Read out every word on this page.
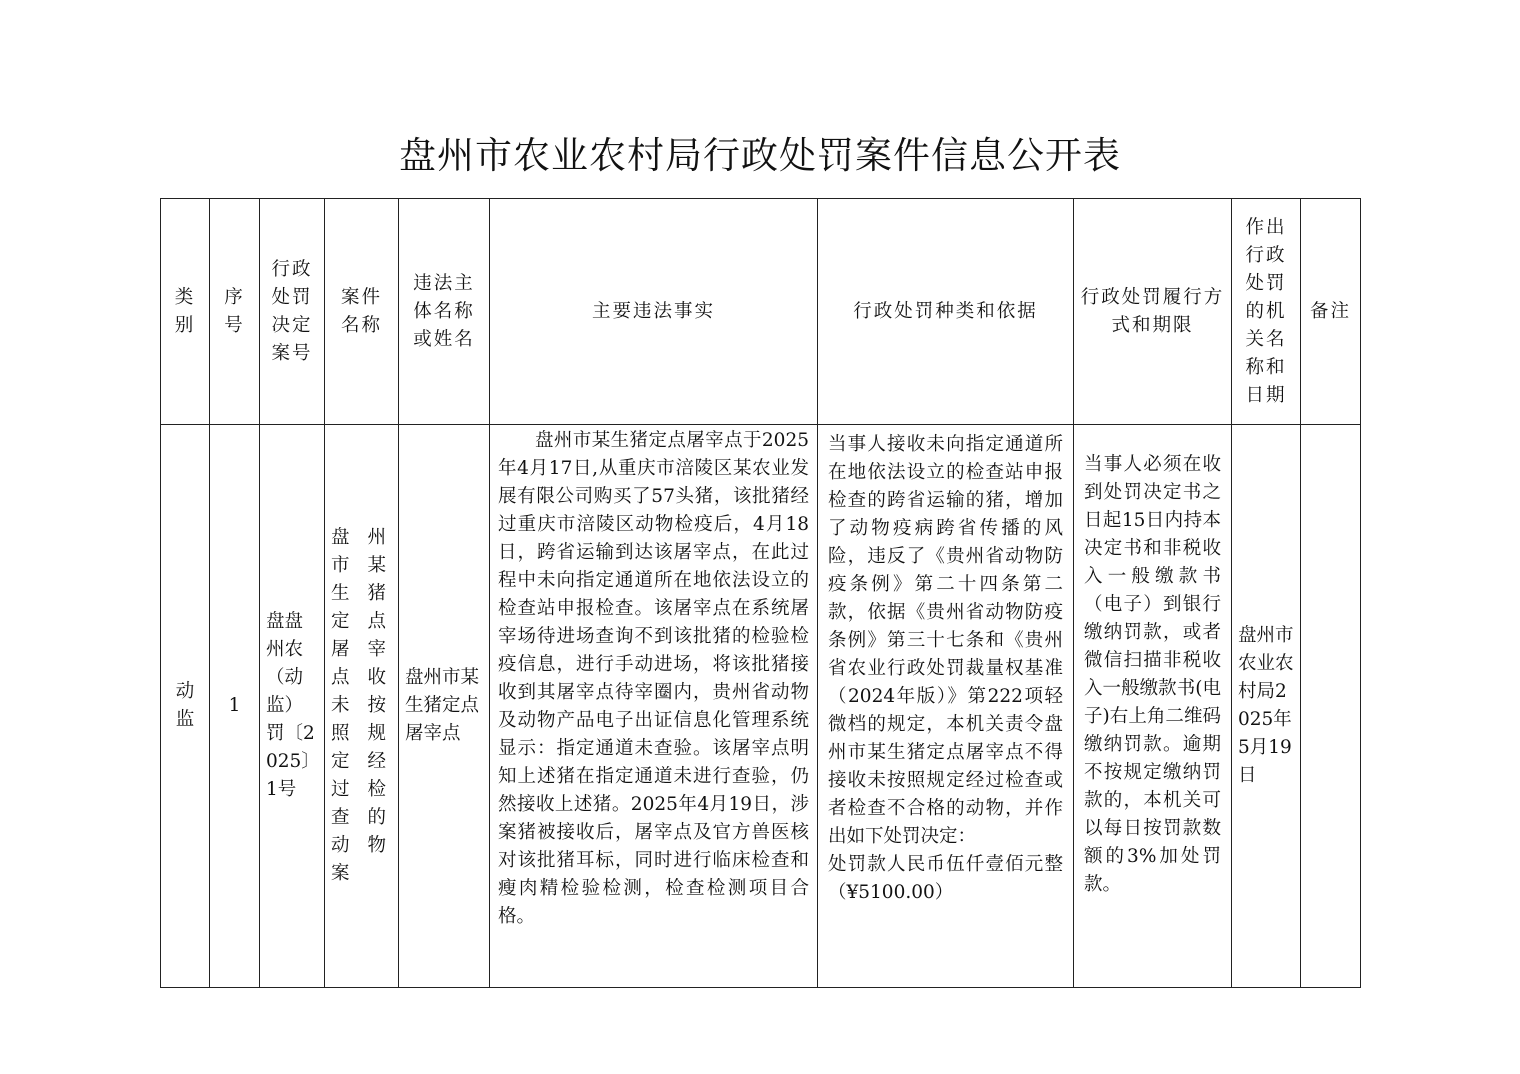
盘州市农业农村局行政处罚案件信息公开表
类别	序号	行政处罚决定案号	案件名称	违法主体名称或姓名	主要违法事实	行政处罚种类和依据	行政处罚履行方式和期限	作出行政处罚的机关名称和日期	备注
动监	1	盘盘州农（动监）罚〔2025〕1号	盘州市某生猪定点屠宰点收未按照规定经过检查的动物案	盘州市某生猪定点屠宰点	盘州市某生猪定点屠宰点于2025年4月17日,从重庆市涪陵区某农业发展有限公司购买了57头猪，该批猪经过重庆市涪陵区动物检疫后，4月18日，跨省运输到达该屠宰点，在此过程中未向指定通道所在地依法设立的检查站申报检查。该屠宰点在系统屠宰场待进场查询不到该批猪的检验检疫信息，进行手动进场，将该批猪接收到其屠宰点待宰圈内，贵州省动物及动物产品电子出证信息化管理系统显示：指定通道未查验。该屠宰点明知上述猪在指定通道未进行查验，仍然接收上述猪。2025年4月19日，涉案猪被接收后，屠宰点及官方兽医核对该批猪耳标，同时进行临床检查和瘦肉精检验检测，检查检测项目合格。	当事人接收未向指定通道所在地依法设立的检查站申报检查的跨省运输的猪，增加了动物疫病跨省传播的风险，违反了《贵州省动物防疫条例》第二十四条第二款，依据《贵州省动物防疫条例》第三十七条和《贵州省农业行政处罚裁量权基准（2024年版）》第222项轻微档的规定，本机关责令盘州市某生猪定点屠宰点不得接收未按照规定经过检查或者检查不合格的动物，并作出如下处罚决定：
处罚款人民币伍仟壹佰元整（¥5100.00）	当事人必须在收到处罚决定书之日起15日内持本决定书和非税收入一般缴款书（电子）到银行缴纳罚款，或者微信扫描非税收入一般缴款书(电子)右上角二维码缴纳罚款。逾期不按规定缴纳罚款的，本机关可以每日按罚款数额的3%加处罚款。	盘州市农业农村局2025年5月19日	
